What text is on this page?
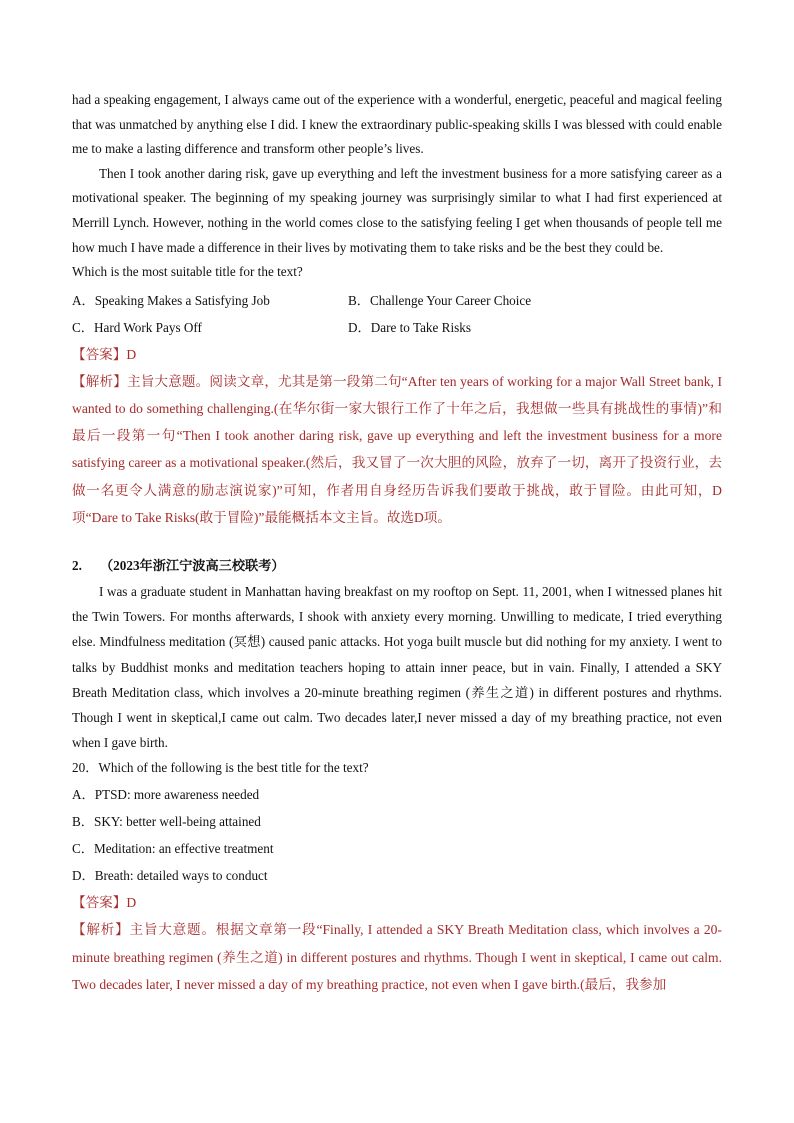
had a speaking engagement, I always came out of the experience with a wonderful, energetic, peaceful and magical feeling that was unmatched by anything else I did. I knew the extraordinary public-speaking skills I was blessed with could enable me to make a lasting difference and transform other people’s lives.

Then I took another daring risk, gave up everything and left the investment business for a more satisfying career as a motivational speaker. The beginning of my speaking journey was surprisingly similar to what I had first experienced at Merrill Lynch. However, nothing in the world comes close to the satisfying feeling I get when thousands of people tell me how much I have made a difference in their lives by motivating them to take risks and be the best they could be.

Which is the most suitable title for the text?

A．Speaking Makes a Satisfying Job	B．Challenge Your Career Choice
C．Hard Work Pays Off	D．Dare to Take Risks
【答案】D

【解析】主旨大意题。阅读文章，尤其是第一段第二句“After ten years of working for a major Wall Street bank, I wanted to do something challenging.(在华尔街一家大银行工作了十年之后，我想做一些具有挑战性的事情)”和最后一段第一句“Then I took another daring risk, gave up everything and left the investment business for a more satisfying career as a motivational speaker.(然后，我又冒了一次大胆的风险，放弃了一切，离开了投资行业，去做一名更令人满意的励志演说家)”可知，作者用自身经历告诉我们要敢于挑战，敢于冒险。由此可知，D项“Dare to Take Risks(敢于冒险)”最能概括本文主旨。故选D项。

2. （2023年浙江宁波高三校联考）

I was a graduate student in Manhattan having breakfast on my rooftop on Sept. 11, 2001, when I witnessed planes hit the Twin Towers. For months afterwards, I shook with anxiety every morning. Unwilling to medicate, I tried everything else. Mindfulness meditation (冥想) caused panic attacks. Hot yoga built muscle but did nothing for my anxiety. I went to talks by Buddhist monks and meditation teachers hoping to attain inner peace, but in vain. Finally, I attended a SKY Breath Meditation class, which involves a 20-minute breathing regimen (养生之道) in different postures and rhythms. Though I went in skeptical,I came out calm. Two decades later,I never missed a day of my breathing practice, not even when I gave birth.

20．Which of the following is the best title for the text?

A．PTSD: more awareness needed

B．SKY: better well-being attained

C．Meditation: an effective treatment

D．Breath: detailed ways to conduct

【答案】D

【解析】主旨大意题。根据文章第一段“Finally, I attended a SKY Breath Meditation class, which involves a 20-minute breathing regimen (养生之道) in different postures and rhythms. Though I went in skeptical, I came out calm. Two decades later, I never missed a day of my breathing practice, not even when I gave birth.(最后，我参加
